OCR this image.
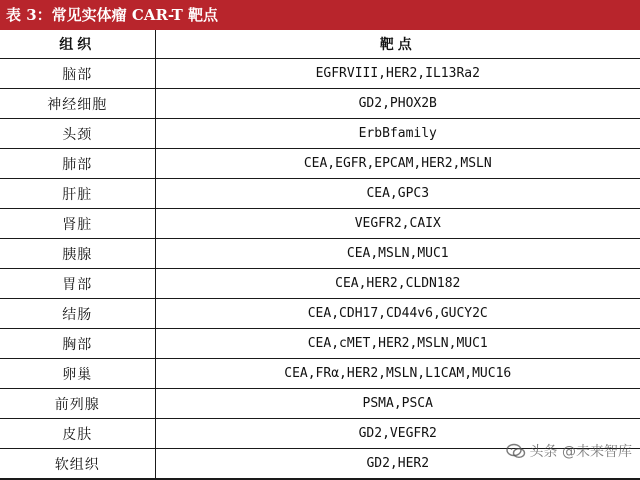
表 3：常见实体瘤 CAR-T 靶点
组织	靶点
脑部	EGFRVIII,HER2,IL13Ra2
神经细胞	GD2,PHOX2B
头颈	ErbBfamily
肺部	CEA,EGFR,EPCAM,HER2,MSLN
肝脏	CEA,GPC3
肾脏	VEGFR2,CAIX
胰腺	CEA,MSLN,MUC1
胃部	CEA,HER2,CLDN182
结肠	CEA,CDH17,CD44v6,GUCY2C
胸部	CEA,cMET,HER2,MSLN,MUC1
卵巢	CEA,FRα,HER2,MSLN,L1CAM,MUC16
前列腺	PSMA,PSCA
皮肤	GD2,VEGFR2
软组织	GD2,HER2
头条 @未来智库
